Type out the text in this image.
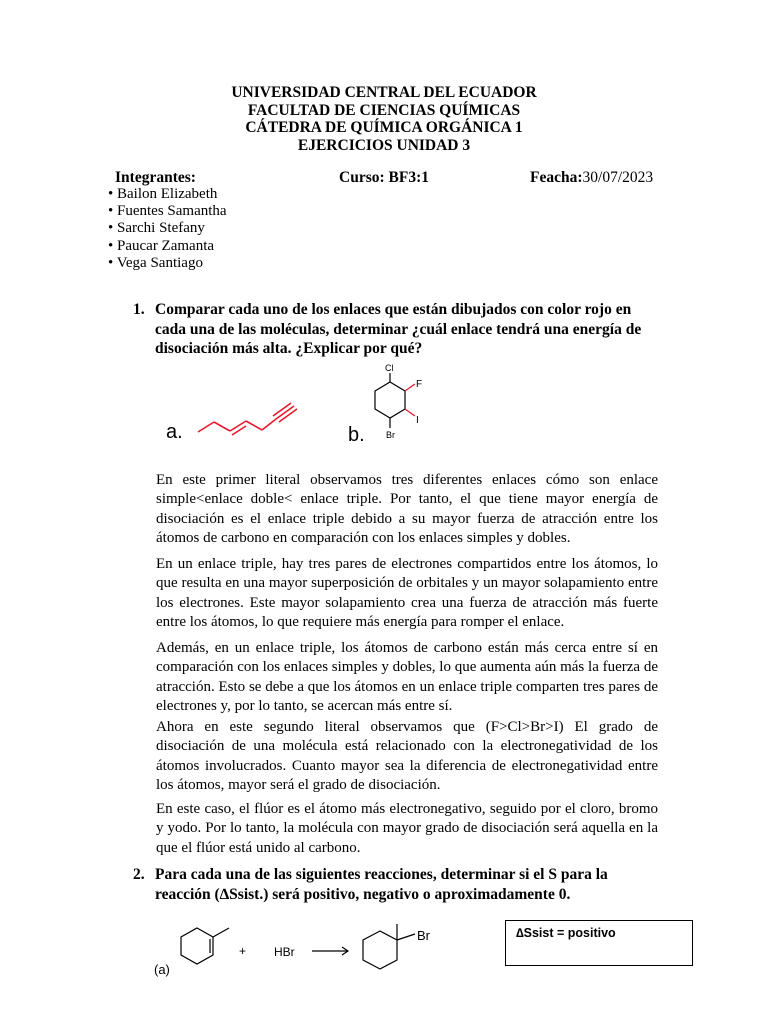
UNIVERSIDAD CENTRAL DEL ECUADOR
FACULTAD DE CIENCIAS QUÍMICAS
CÁTEDRA DE QUÍMICA ORGÁNICA 1
EJERCICIOS UNIDAD 3
Integrantes:	Curso: BF3:1	Feacha:30/07/2023
• Bailon Elizabeth
• Fuentes Samantha
• Sarchi Stefany
• Paucar Zamanta
• Vega Santiago
1. Comparar cada uno de los enlaces que están dibujados con color rojo en cada una de las moléculas, determinar ¿cuál enlace tendrá una energía de disociación más alta. ¿Explicar por qué?
a.	b.
Cl
F
I
Br
En este primer literal observamos tres diferentes enlaces cómo son enlace simple<enlace doble< enlace triple. Por tanto, el que tiene mayor energía de disociación es el enlace triple debido a su mayor fuerza de atracción entre los átomos de carbono en comparación con los enlaces simples y dobles.
En un enlace triple, hay tres pares de electrones compartidos entre los átomos, lo que resulta en una mayor superposición de orbitales y un mayor solapamiento entre los electrones. Este mayor solapamiento crea una fuerza de atracción más fuerte entre los átomos, lo que requiere más energía para romper el enlace.
Además, en un enlace triple, los átomos de carbono están más cerca entre sí en comparación con los enlaces simples y dobles, lo que aumenta aún más la fuerza de atracción. Esto se debe a que los átomos en un enlace triple comparten tres pares de electrones y, por lo tanto, se acercan más entre sí.
Ahora en este segundo literal observamos que (F>Cl>Br>I) El grado de disociación de una molécula está relacionado con la electronegatividad de los átomos involucrados. Cuanto mayor sea la diferencia de electronegatividad entre los átomos, mayor será el grado de disociación.
En este caso, el flúor es el átomo más electronegativo, seguido por el cloro, bromo y yodo. Por lo tanto, la molécula con mayor grado de disociación será aquella en la que el flúor está unido al carbono.
2. Para cada una de las siguientes reacciones, determinar si el S para la reacción (∆Ssist.) será positivo, negativo o aproximadamente 0.
(a)
+ HBr
Br	∆Ssist = positivo
